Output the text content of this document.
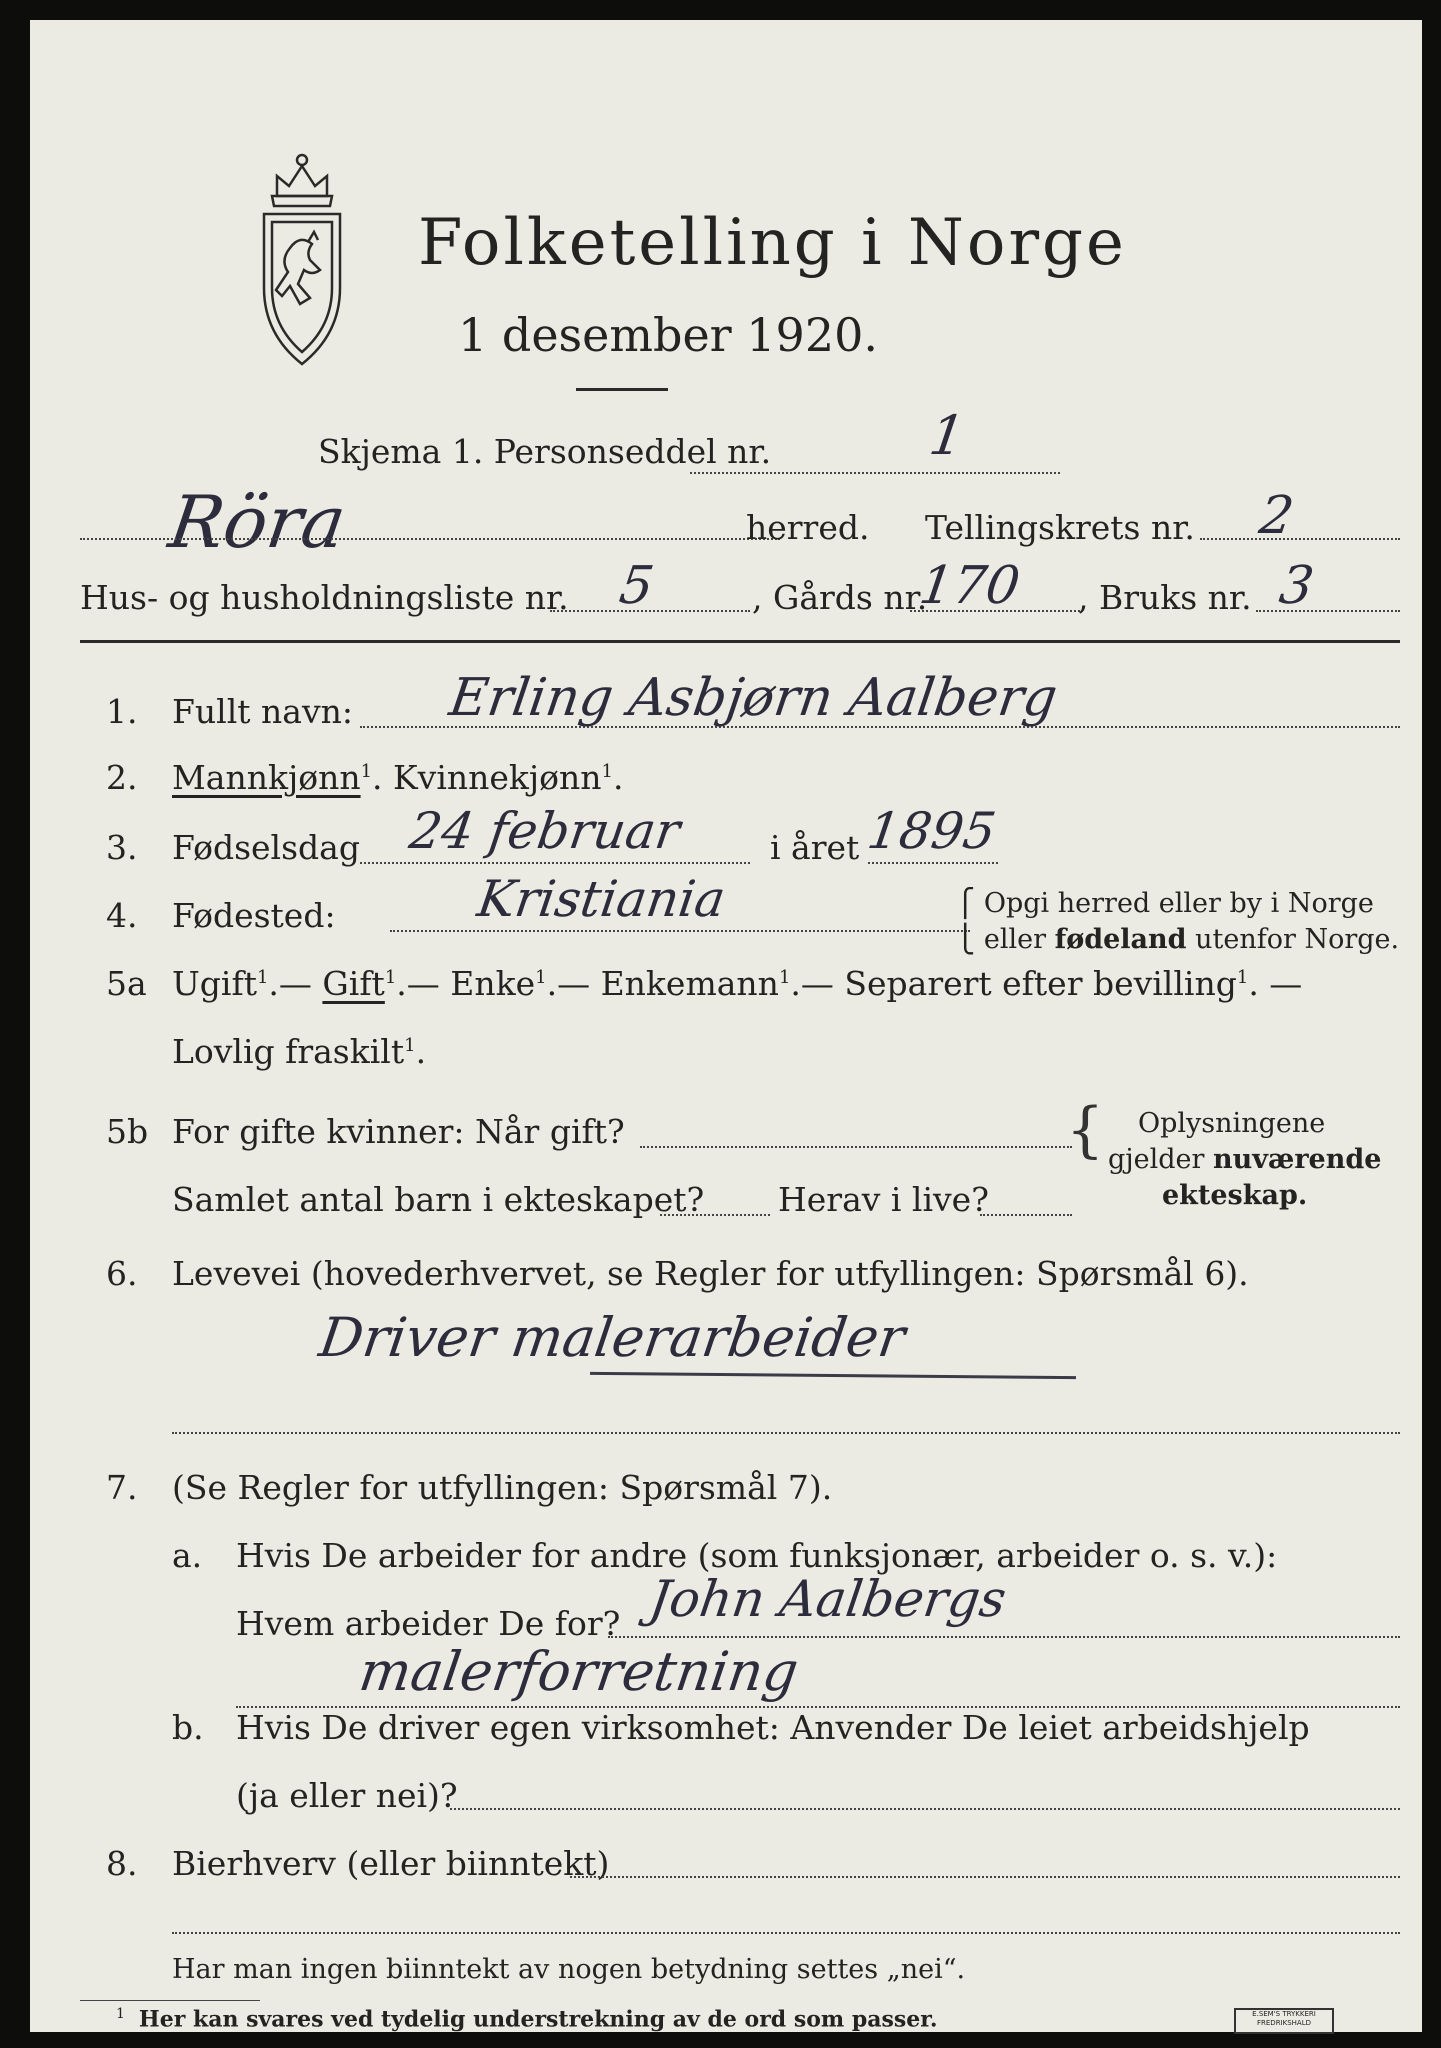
Folketelling i Norge
1 desember 1920.
Skjema 1. Personseddel nr.	1
Röra	herred. Tellingskrets nr. 2
Hus- og husholdningsliste nr. 5	, Gårds nr.
170 , Bruks nr. 3
1. Fullt navn: Erling Asbjørn Aalberg
2. Mannkjønn$^1$. Kvinnekjønn$^1$.
3. Fødselsdag 24 februar	i året 1895
4. Fødested:	Kristiania	⎧ Opgi herred eller by i Norge
⎩ eller fødeland utenfor Norge.
5a Ugift$^1$.— Gift$^1$.— Enke$^1$.— Enkemann$^1$.— Separert efter bevilling$^1$. —
Lovlig fraskilt$^1$.
5b For gifte kvinner: Når gift?
Samlet antal barn i ekteskapet? Herav i live?
{ Oplysningene
gjelder nuværende
ekteskap.
6. Levevei (hovederhvervet, se Regler for utfyllingen: Spørsmål 6).
Driver malerarbeider
7. (Se Regler for utfyllingen: Spørsmål 7).
a. Hvis De arbeider for andre (som funksjonær, arbeider o. s. v.):
Hvem arbeider De for? John Aalbergs
malerforretning
b. Hvis De driver egen virksomhet: Anvender De leiet arbeidshjelp
(ja eller nei)?
8. Bierhverv (eller biinntekt)
Har man ingen biinntekt av nogen betydning settes „nei“.
$^1$ Her kan svares ved tydelig understrekning av de ord som passer.	E.SEM'S TRYKKERI
FREDRIKSHALD
